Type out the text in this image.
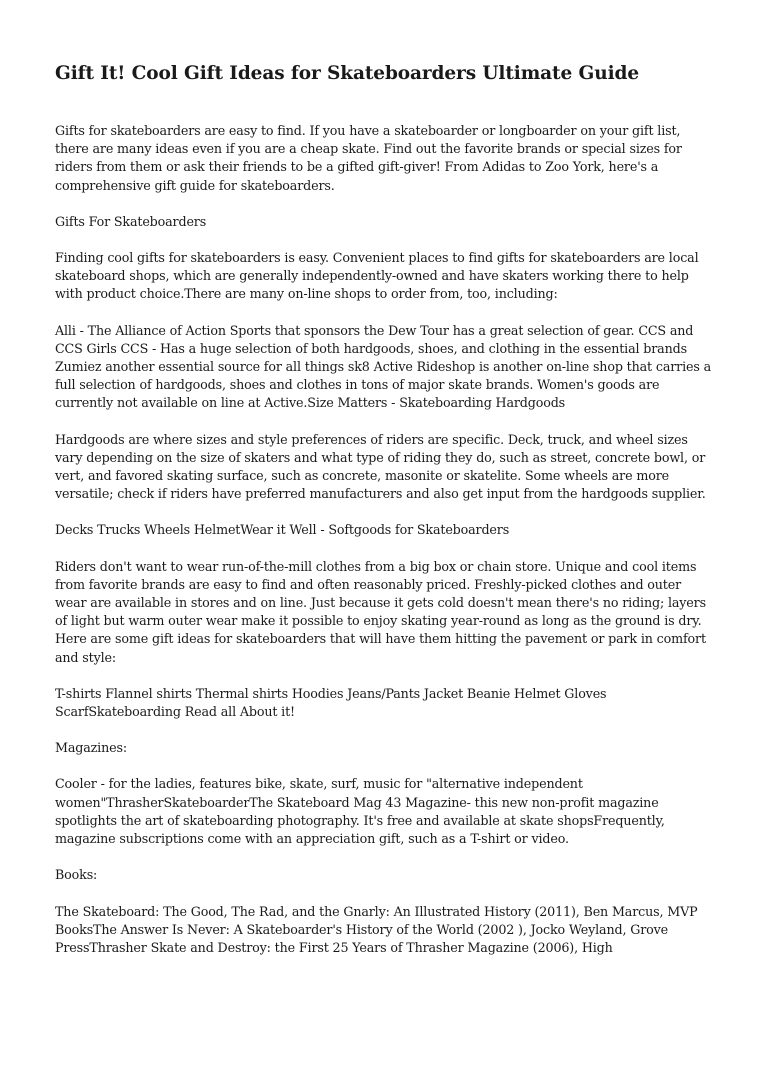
Gift It! Cool Gift Ideas for Skateboarders Ultimate Guide

Gifts for skateboarders are easy to find. If you have a skateboarder or longboarder on your gift list, there are many ideas even if you are a cheap skate. Find out the favorite brands or special sizes for riders from them or ask their friends to be a gifted gift-giver! From Adidas to Zoo York, here's a comprehensive gift guide for skateboarders.

Gifts For Skateboarders

Finding cool gifts for skateboarders is easy. Convenient places to find gifts for skateboarders are local skateboard shops, which are generally independently-owned and have skaters working there to help with product choice.There are many on-line shops to order from, too, including:

Alli - The Alliance of Action Sports that sponsors the Dew Tour has a great selection of gear. CCS and CCS Girls CCS - Has a huge selection of both hardgoods, shoes, and clothing in the essential brands Zumiez another essential source for all things sk8 Active Rideshop is another on-line shop that carries a full selection of hardgoods, shoes and clothes in tons of major skate brands. Women's goods are currently not available on line at Active.Size Matters - Skateboarding Hardgoods

Hardgoods are where sizes and style preferences of riders are specific. Deck, truck, and wheel sizes vary depending on the size of skaters and what type of riding they do, such as street, concrete bowl, or vert, and favored skating surface, such as concrete, masonite or skatelite. Some wheels are more versatile; check if riders have preferred manufacturers and also get input from the hardgoods supplier.

Decks Trucks Wheels HelmetWear it Well - Softgoods for Skateboarders

Riders don't want to wear run-of-the-mill clothes from a big box or chain store. Unique and cool items from favorite brands are easy to find and often reasonably priced. Freshly-picked clothes and outer wear are available in stores and on line. Just because it gets cold doesn't mean there's no riding; layers of light but warm outer wear make it possible to enjoy skating year-round as long as the ground is dry. Here are some gift ideas for skateboarders that will have them hitting the pavement or park in comfort and style:

T-shirts Flannel shirts Thermal shirts Hoodies Jeans/Pants Jacket Beanie Helmet Gloves ScarfSkateboarding Read all About it!

Magazines:

Cooler - for the ladies, features bike, skate, surf, music for "alternative independent women"ThrasherSkateboarderThe Skateboard Mag 43 Magazine- this new non-profit magazine spotlights the art of skateboarding photography. It's free and available at skate shopsFrequently, magazine subscriptions come with an appreciation gift, such as a T-shirt or video.

Books:

The Skateboard: The Good, The Rad, and the Gnarly: An Illustrated History (2011), Ben Marcus, MVP BooksThe Answer Is Never: A Skateboarder's History of the World (2002 ), Jocko Weyland, Grove PressThrasher Skate and Destroy: the First 25 Years of Thrasher Magazine (2006), High
